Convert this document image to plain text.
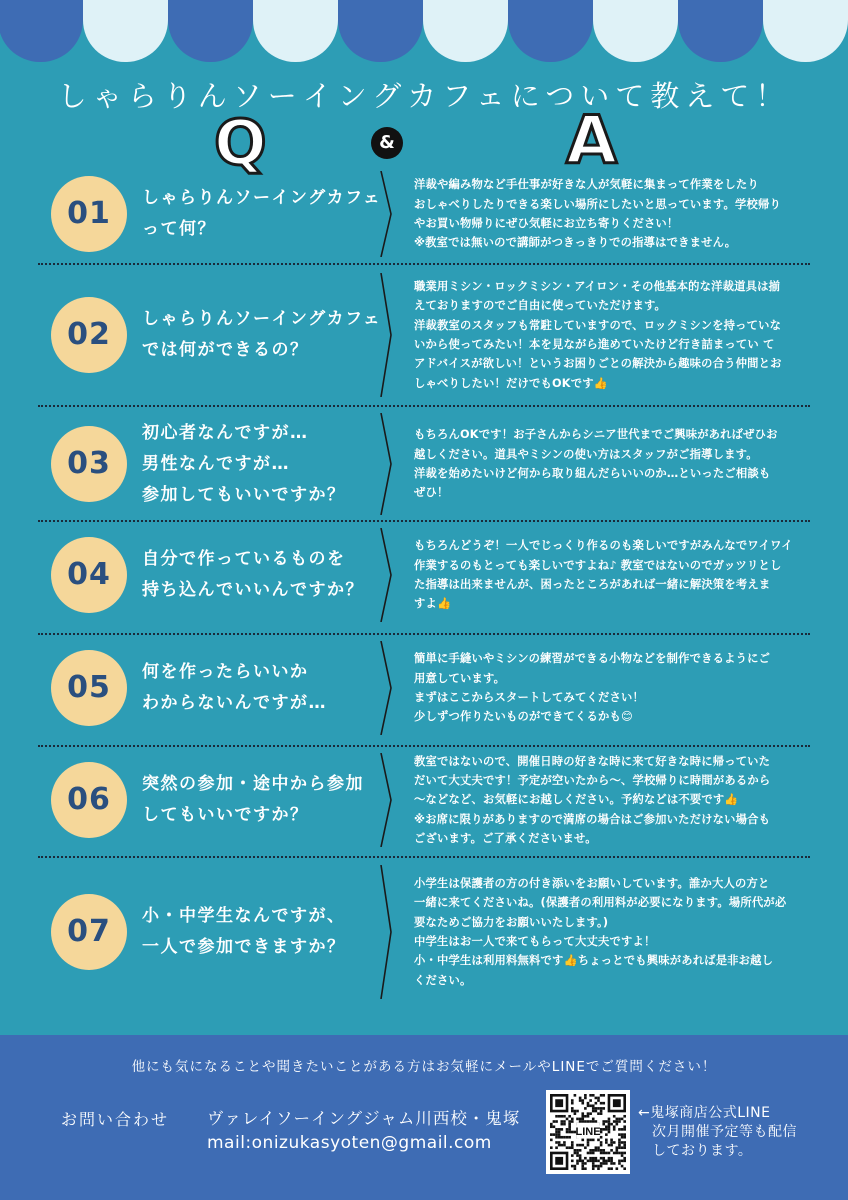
しゃらりんソーイングカフェについて教えて！
Q	&	A
01	しゃらりんソーイングカフェ
って何？
洋裁や編み物など手仕事が好きな人が気軽に集まって作業をしたり
おしゃべりしたりできる楽しい場所にしたいと思っています。学校帰り
やお買い物帰りにぜひ気軽にお立ち寄りください！
※教室では無いので講師がつきっきりでの指導はできません。
02	しゃらりんソーイングカフェ
では何ができるの？
職業用ミシン・ロックミシン・アイロン・その他基本的な洋裁道具は揃
えておりますのでご自由に使っていただけます。
洋裁教室のスタッフも常駐していますので、ロックミシンを持っていな
いから使ってみたい！本を見ながら進めていたけど行き詰まってい て
アドバイスが欲しい！というお困りごとの解決から趣味の合う仲間とお
しゃべりしたい！だけでもOKです👍
03
初心者なんですが…
男性なんですが…
参加してもいいですか？
もちろんOKです！お子さんからシニア世代までご興味があればぜひお
越しください。道具やミシンの使い方はスタッフがご指導します。
洋裁を始めたいけど何から取り組んだらいいのか…といったご相談も
ぜひ！
04	自分で作っているものを
持ち込んでいいんですか？
もちろんどうぞ！一人でじっくり作るのも楽しいですがみんなでワイワイ
作業するのもとっても楽しいですよね♪ 教室ではないのでガッツリとし
た指導は出来ませんが、困ったところがあれば一緒に解決策を考えま
すよ👍
05	何を作ったらいいか
わからないんですが…
簡単に手縫いやミシンの練習ができる小物などを制作できるようにご
用意しています。
まずはここからスタートしてみてください！
少しずつ作りたいものができてくるかも😊
06	突然の参加・途中から参加
してもいいですか？
教室ではないので、開催日時の好きな時に来て好きな時に帰っていた
だいて大丈夫です！予定が空いたから〜、学校帰りに時間があるから
〜などなど、お気軽にお越しください。予約などは不要です👍
※お席に限りがありますので満席の場合はご参加いただけない場合も
ございます。ご了承くださいませ。
07	小・中学生なんですが、
一人で参加できますか？
小学生は保護者の方の付き添いをお願いしています。誰か大人の方と
一緒に来てくださいね。(保護者の利用料が必要になります。場所代が必
要なためご協力をお願いいたします。)
中学生はお一人で来てもらって大丈夫ですよ！
小・中学生は利用料無料です👍ちょっとでも興味があれば是非お越し
ください。
他にも気になることや聞きたいことがある方はお気軽にメールやLINEでご質問ください！
お問い合わせ ヴァレイソーイングジャム川西校・鬼塚
mail:onizukasyoten@gmail.com
LINE
←鬼塚商店公式LINE
次月開催予定等も配信
しております。
